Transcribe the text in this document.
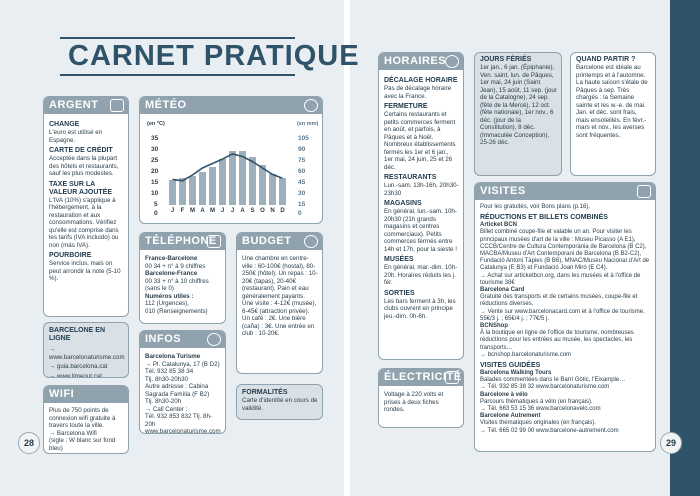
CARNET PRATIQUE
ARGENT
CHANGE
L'euro est utilisé en Espagne.
CARTE DE CRÉDIT
Acceptée dans la plupart des hôtels et restaurants, sauf les plus modestes.
TAXE SUR LA VALEUR AJOUTÉE
L'IVA (10%) s'applique à l'hébergement, à la restauration et aux consommations. Vérifiez qu'elle est comprise dans les tarifs (IVA incluido) ou non (más IVA).
POURBOIRE
Service inclus, mais on peut arrondir la note (5-10 %).
BARCELONE EN LIGNE
→ www.barcelonaturisme.com
→ guia.barcelona.cat
→ www.timeout.cat
WIFI
Plus de 750 points de connexion wifi gratuite à travers toute la ville.
→ Barcelona Wifi
(sigle : W blanc sur fond bleu)
MÉTÉO
(en °C)	(en mm)
35
30
25
20
15
10
5
0
105
90
75
60
45
30
15
0
J	F M A M J	J	A S O N D
TÉLÉPHONE
France-Barcelone
00 34 + n° à 9 chiffres
Barcelone-France
00 33 + n° à 10 chiffres (sans le 0)
Numéros utiles :
112 (Urgences),
010 (Renseignements)
BUDGET
Une chambre en centre-ville : 60-100€ (hostal), 80-250€ (hôtel). Un repas : 10-20€ (tapas), 20-40€ (restaurant). Pain et eau généralement payants. Une visite : 4-12€ (musée), 6-45€ (attraction privée). Un café : 2€. Une bière (caña) : 3€. Une entrée en club : 10-20€.
INFOS
Barcelona Turisme
→ Pl. Catalunya, 17 (B D2)
Tél. 932 85 38 34
Tlj. 8h30-20h30
Autre adresse : Cabina
Sagrada Família (F B2)
Tlj. 8h30-20h
→ Call Center :
Tél. 932 853 832 Tlj. 8h-20h
www.barcelonaturisme.com
FORMALITÉS
Carte d'identité en cours de validité.
HORAIRES
DÉCALAGE HORAIRE
Pas de décalage horaire avec la France.
FERMETURE
Certains restaurants et petits commerces ferment en août, et parfois, à Pâques et à Noël. Nombreux établissements fermés les 1er et 6 jan., 1er mai, 24 juin, 25 et 26 déc.
RESTAURANTS
Lun.-sam. 13h-16h, 20h30-23h30
MAGASINS
En général, lun.-sam. 10h-20h30 (21h grands magasins et centres commerciaux). Petits commerces fermés entre 14h et 17h, pour la sieste !
MUSÉES
En général, mar.-dim. 10h-20h. Horaires réduits les j. fér.
SORTIES
Les bars ferment à 3h, les clubs ouvrent en principe jeu.-dim. 0h-6h.
ÉLECTRICITÉ
Voltage à 220 volts et prises à deux fiches rondes.
JOURS FÉRIÉS
1er jan., 6 jan. (Épiphanie), Ven. saint, lun. de Pâques, 1er mai, 24 juin (Saint Jean), 15 août, 11 sep. (jour de la Catalogne), 24 sep. (fête de la Mercè), 12 oct. (fête nationale), 1er nov., 6 déc. (jour de la Constitution), 8 déc. (Immaculée Conception), 25-26 déc.
QUAND PARTIR ?
Barcelone est idéale au printemps et à l'automne. La haute saison s'étale de Pâques à sep. Très chargés : la Semaine sainte et les w.-e. de mai. Jan. et déc. sont frais, mais ensoleillés. En févr.-mars et nov., les averses sont fréquentes.
VISITES
Pour les gratuités, voir Bons plans (p.16).
RÉDUCTIONS ET BILLETS COMBINÉS
Articket BCN
Billet combiné coupe-file et valable un an. Pour visiter les principaux musées d'art de la ville : Museu Picasso (A E1), CCCB/Centre de Cultura Contemporània de Barcelona (B C2), MACBA/Museu d'Art Contemporani de Barcelona (B B2-C2), Fundació Antoni Tàpies (B B6), MNAC/Museu Nacional d'Art de Catalunya (E B3) et Fundació Joan Miró (E C4).
→ Achat sur articketbcn.org, dans les musées et à l'office de tourisme 38€
Barcelona Card
Gratuité des transports et de certains musées, coupe-file et réductions diverses.
→ Vente sur www.barcelonacard.com et à l'office de tourisme.
55€/3 j. ; 65€/4 j. ; 77€/5 j.
BCNShop
À la boutique en ligne de l'office de tourisme, nombreuses réductions pour les entrées au musée, les spectacles, les transports…
→ bcnshop.barcelonaturisme.com
VISITES GUIDÉES
Barcelona Walking Tours
Balades commentées dans le Barri Gòtic, l'Eixample…
→ Tél. 932 85 38 32 www.barcelonaturisme.com
Barcelone à vélo
Parcours thématiques à vélo (en français).
→ Tél. 663 53 15 36 www.barcelonavelo.com
Barcelone Autrement
Visites thématiques originales (en français).
→ Tél. 665 02 99 00 www.barcelone-autrement.com
28	29
